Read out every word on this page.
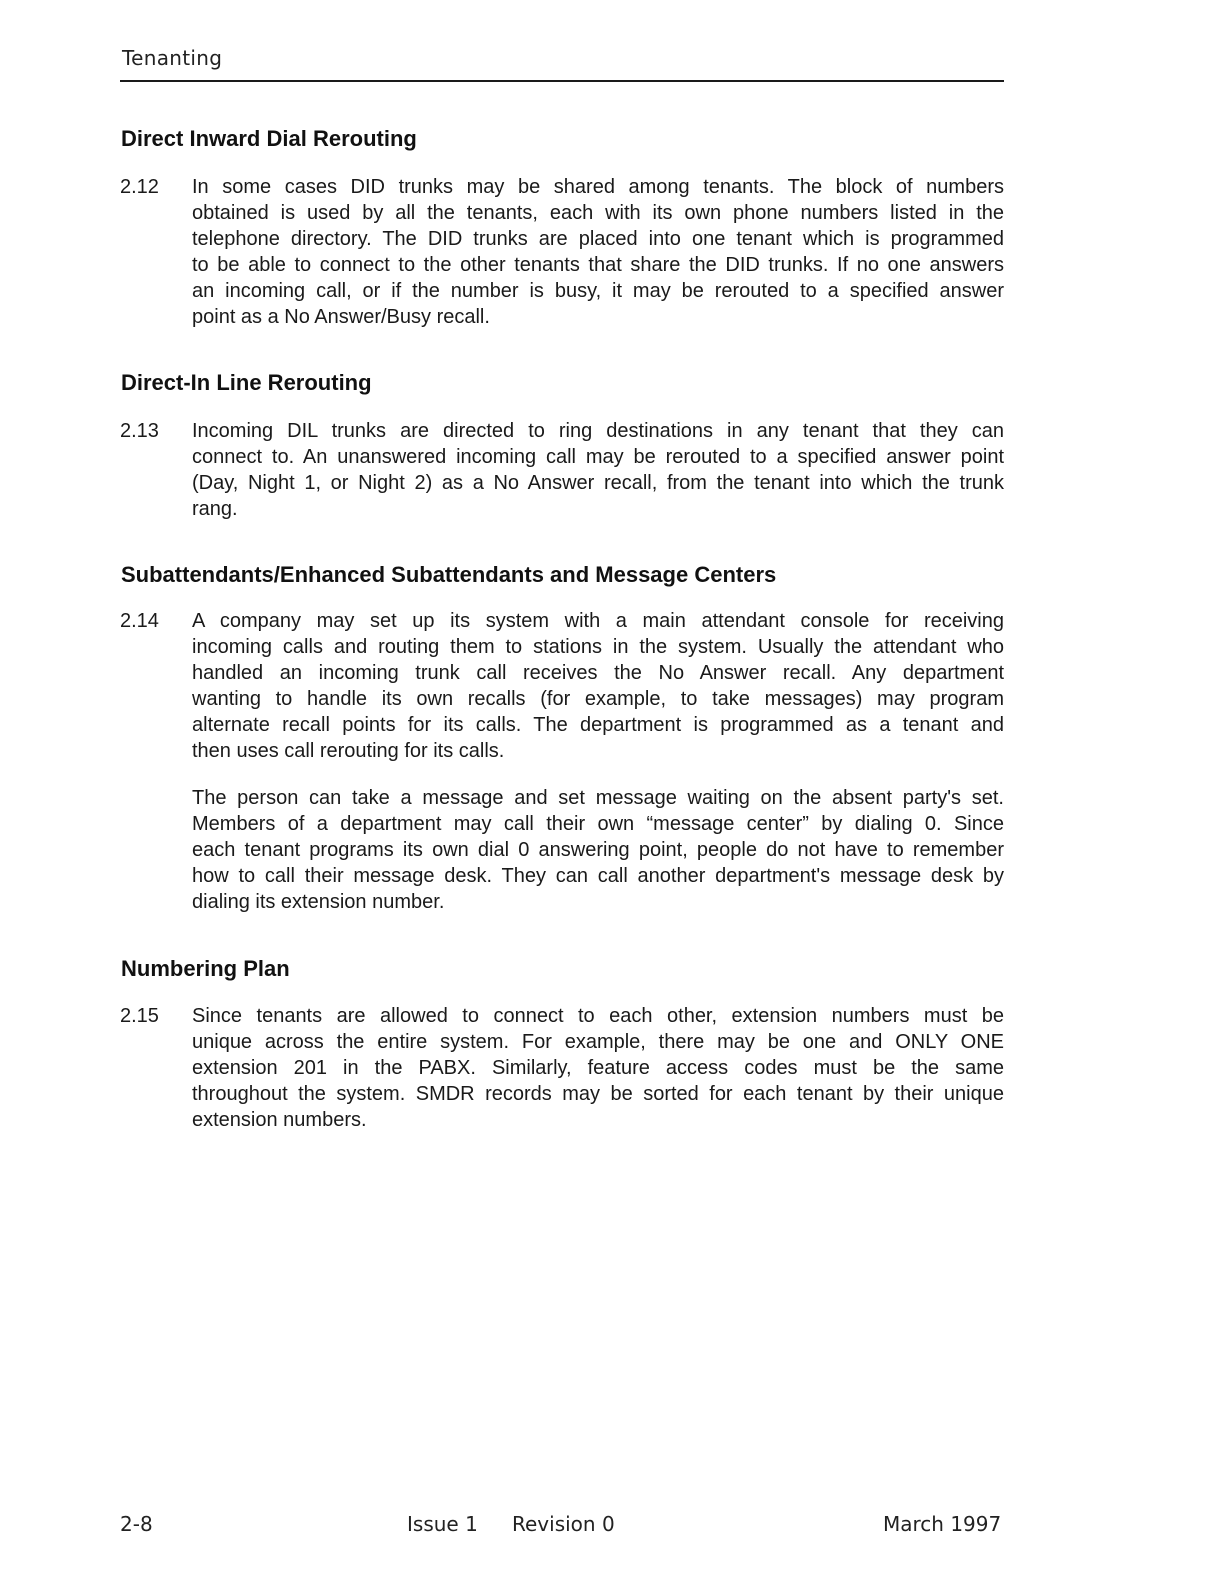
Tenanting
Direct Inward Dial Rerouting
2.12 In some cases DID trunks may be shared among tenants. The block of numbers
obtained is used by all the tenants, each with its own phone numbers listed in the
telephone directory. The DID trunks are placed into one tenant which is programmed
to be able to connect to the other tenants that share the DID trunks. If no one answers
an incoming call, or if the number is busy, it may be rerouted to a specified answer
point as a No Answer/Busy recall.
Direct-In Line Rerouting
2.13 Incoming DIL trunks are directed to ring destinations in any tenant that they can
connect to. An unanswered incoming call may be rerouted to a specified answer point
(Day, Night 1, or Night 2) as a No Answer recall, from the tenant into which the trunk
rang.
Subattendants/Enhanced Subattendants and Message Centers
2.14 A company may set up its system with a main attendant console for receiving
incoming calls and routing them to stations in the system. Usually the attendant who
handled an incoming trunk call receives the No Answer recall. Any department
wanting to handle its own recalls (for example, to take messages) may program
alternate recall points for its calls. The department is programmed as a tenant and
then uses call rerouting for its calls.
The person can take a message and set message waiting on the absent party's set.
Members of a department may call their own “message center” by dialing 0. Since
each tenant programs its own dial 0 answering point, people do not have to remember
how to call their message desk. They can call another department's message desk by
dialing its extension number.
Numbering Plan
2.15 Since tenants are allowed to connect to each other, extension numbers must be
unique across the entire system. For example, there may be one and ONLY ONE
extension 201 in the PABX. Similarly, feature access codes must be the same
throughout the system. SMDR records may be sorted for each tenant by their unique
extension numbers.
2-8	Issue 1 Revision 0	March 1997
